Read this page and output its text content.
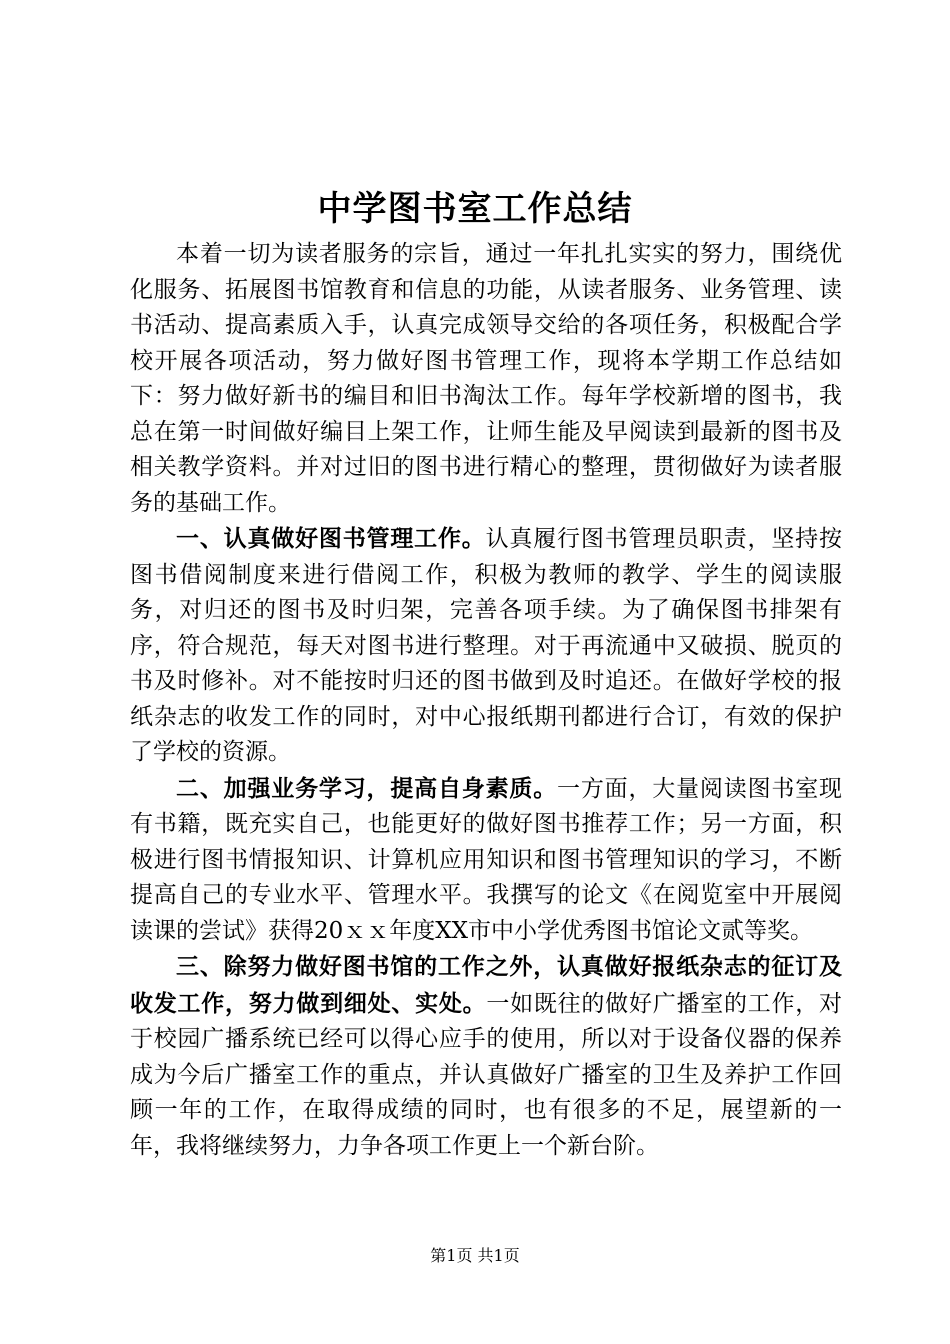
中学图书室工作总结

本着一切为读者服务的宗旨，通过一年扎扎实实的努力，围绕优化服务、拓展图书馆教育和信息的功能，从读者服务、业务管理、读书活动、提高素质入手，认真完成领导交给的各项任务，积极配合学校开展各项活动，努力做好图书管理工作，现将本学期工作总结如下：努力做好新书的编目和旧书淘汰工作。每年学校新增的图书，我总在第一时间做好编目上架工作，让师生能及早阅读到最新的图书及相关教学资料。并对过旧的图书进行精心的整理，贯彻做好为读者服务的基础工作。

一、认真做好图书管理工作。认真履行图书管理员职责，坚持按图书借阅制度来进行借阅工作，积极为教师的教学、学生的阅读服务，对归还的图书及时归架，完善各项手续。为了确保图书排架有序，符合规范，每天对图书进行整理。对于再流通中又破损、脱页的书及时修补。对不能按时归还的图书做到及时追还。在做好学校的报纸杂志的收发工作的同时，对中心报纸期刊都进行合订，有效的保护了学校的资源。

二、加强业务学习，提高自身素质。一方面，大量阅读图书室现有书籍，既充实自己，也能更好的做好图书推荐工作；另一方面，积极进行图书情报知识、计算机应用知识和图书管理知识的学习，不断提高自己的专业水平、管理水平。我撰写的论文《在阅览室中开展阅读课的尝试》获得20ｘｘ年度XX市中小学优秀图书馆论文贰等奖。

三、除努力做好图书馆的工作之外，认真做好报纸杂志的征订及收发工作，努力做到细处、实处。一如既往的做好广播室的工作，对于校园广播系统已经可以得心应手的使用，所以对于设备仪器的保养成为今后广播室工作的重点，并认真做好广播室的卫生及养护工作回顾一年的工作，在取得成绩的同时，也有很多的不足，展望新的一年，我将继续努力，力争各项工作更上一个新台阶。

第1页 共1页
